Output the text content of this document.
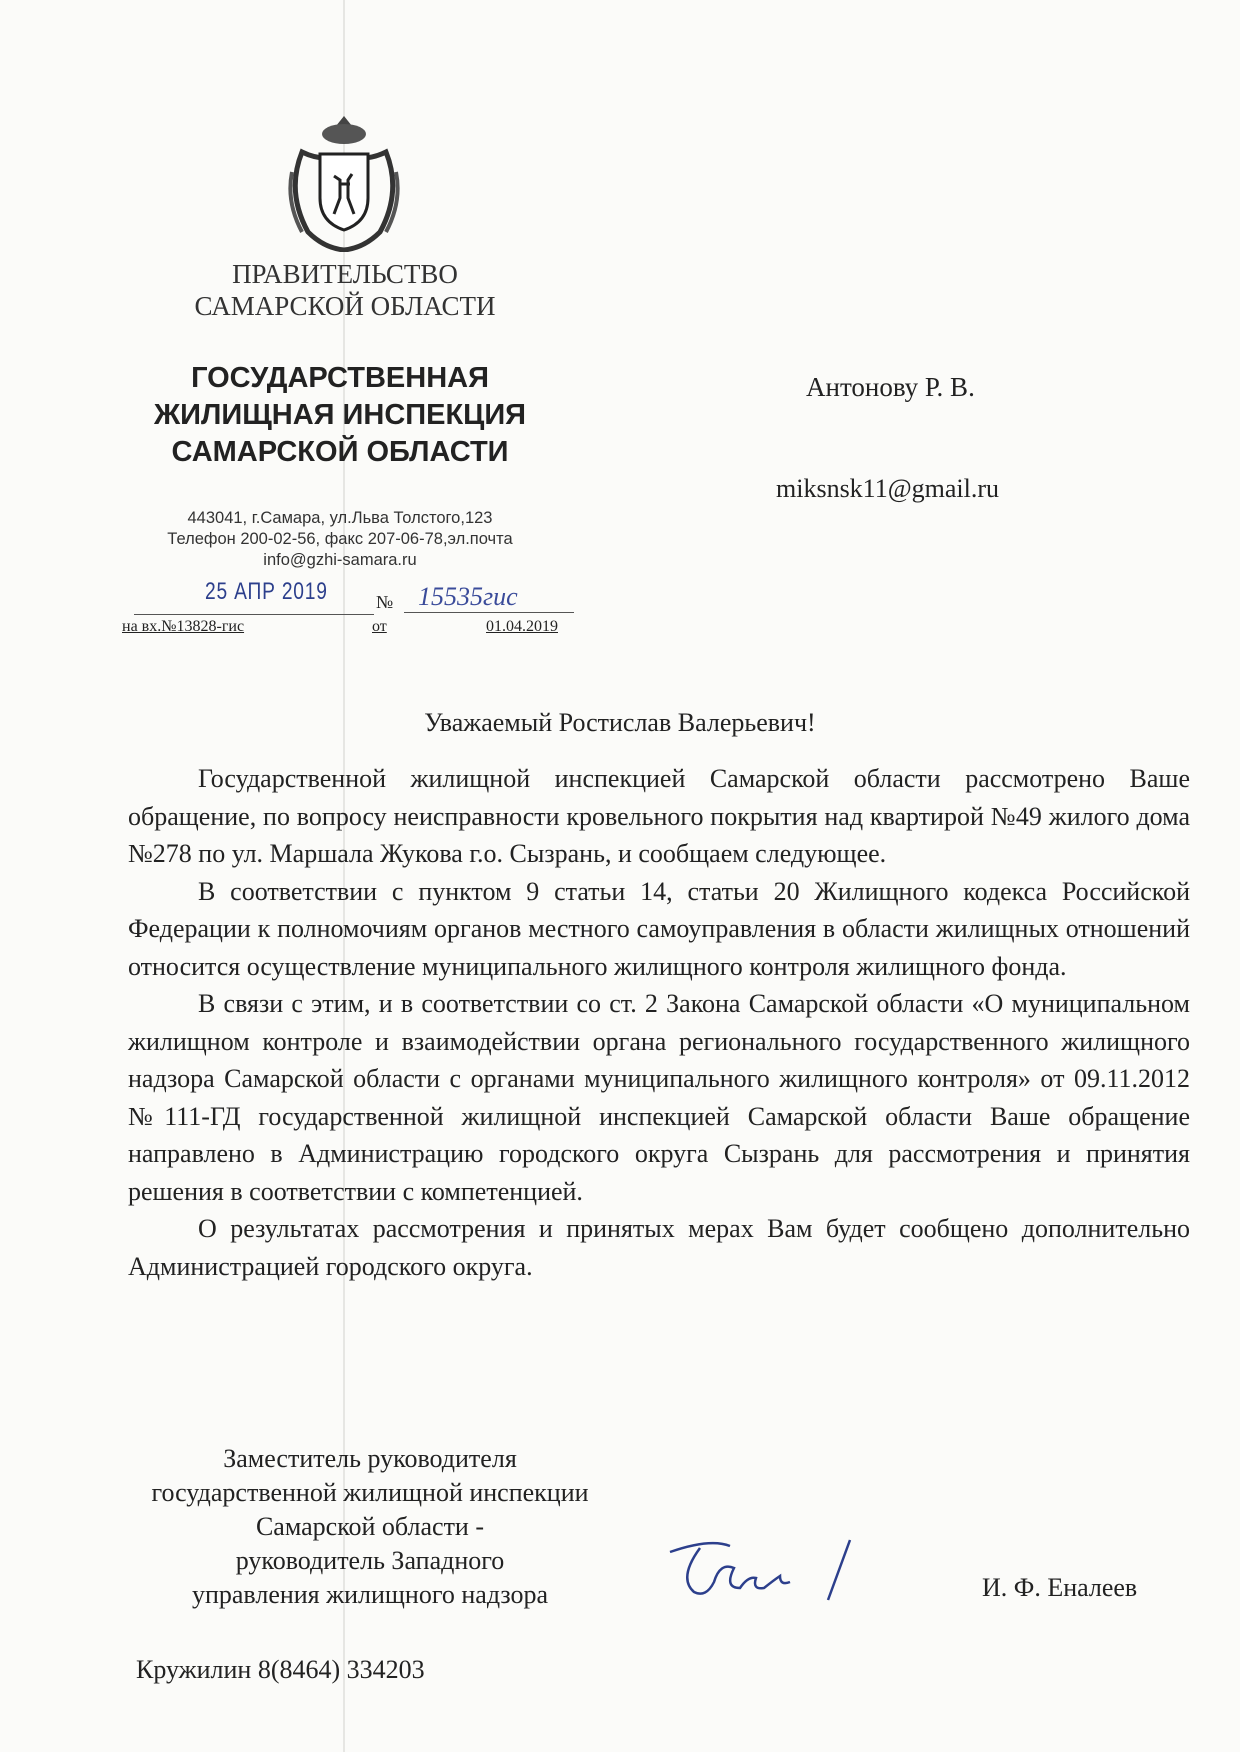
ПРАВИТЕЛЬСТВО
САМАРСКОЙ ОБЛАСТИ
ГОСУДАРСТВЕННАЯ
ЖИЛИЩНАЯ ИНСПЕКЦИЯ
САМАРСКОЙ ОБЛАСТИ
443041, г.Самара, ул.Льва Толстого,123
Телефон 200-02-56, факс 207-06-78,эл.почта
info@gzhi-samara.ru
25 АПР 2019	№ 15535гис
на вх.№13828-гис	от	01.04.2019
Антонову Р. В.
miksnsk11@gmail.ru
Уважаемый Ростислав Валерьевич!

Государственной жилищной инспекцией Самарской области рассмотрено Ваше обращение, по вопросу неисправности кровельного покрытия над квартирой №49 жилого дома №278 по ул. Маршала Жукова г.о. Сызрань, и сообщаем следующее.

В соответствии с пунктом 9 статьи 14, статьи 20 Жилищного кодекса Российской Федерации к полномочиям органов местного самоуправления в области жилищных отношений относится осуществление муниципального жилищного контроля жилищного фонда.

В связи с этим, и в соответствии со ст. 2 Закона Самарской области «О муниципальном жилищном контроле и взаимодействии органа регионального государственного жилищного надзора Самарской области с органами муниципального жилищного контроля» от 09.11.2012 №111-ГД государственной жилищной инспекцией Самарской области Ваше обращение направлено в Администрацию городского округа Сызрань для рассмотрения и принятия решения в соответствии с компетенцией.

О результатах рассмотрения и принятых мерах Вам будет сообщено дополнительно Администрацией городского округа.

Заместитель руководителя
государственной жилищной инспекции
Самарской области -
руководитель Западного
управления жилищного надзора	И. Ф. Еналеев
Кружилин 8(8464) 334203
